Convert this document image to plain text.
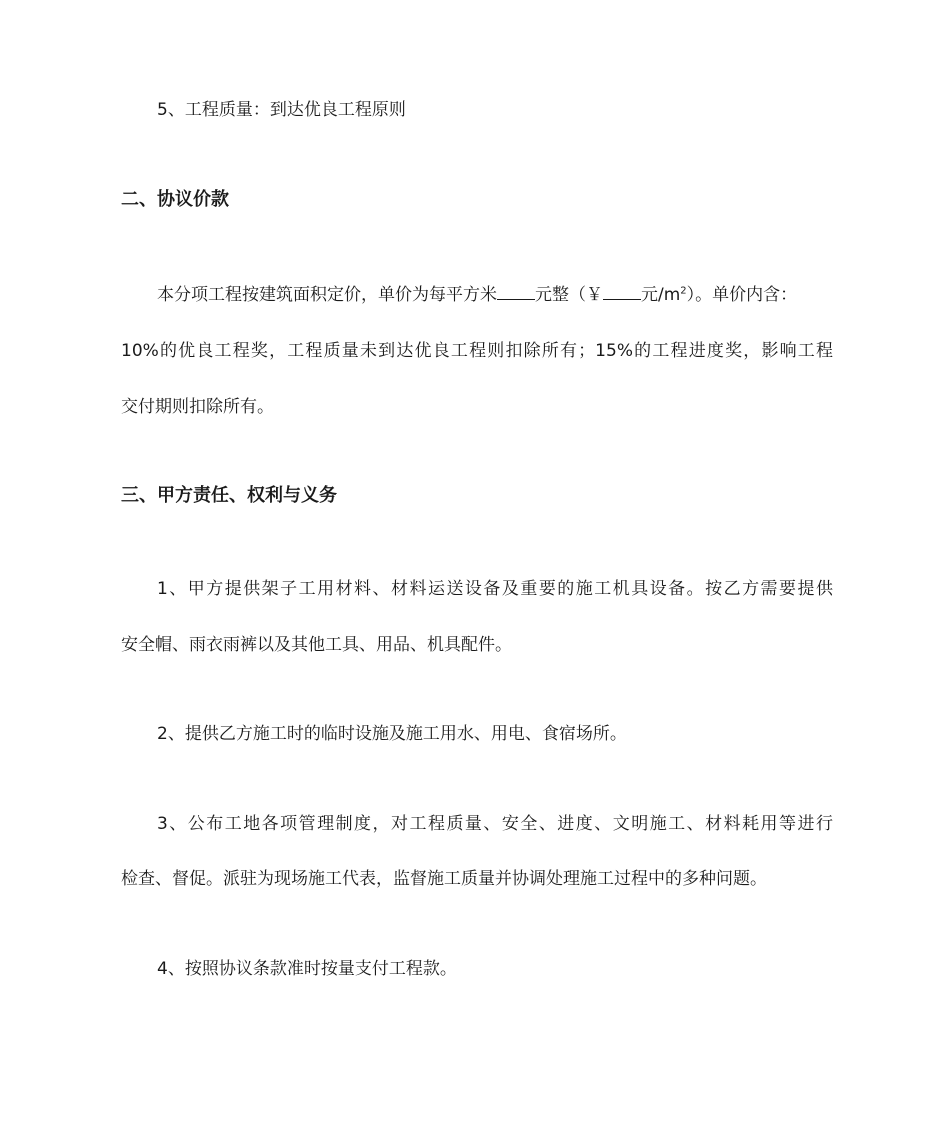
5、工程质量：到达优良工程原则
二、协议价款
本分项工程按建筑面积定价，单价为每平方米 元整（￥ 元$/m^2$）。单价内含：
10%的优良工程奖，工程质量未到达优良工程则扣除所有；15%的工程进度奖，影响工程
交付期则扣除所有。
三、甲方责任、权利与义务
1、甲方提供架子工用材料、材料运送设备及重要的施工机具设备。按乙方需要提供
安全帽、雨衣雨裤以及其他工具、用品、机具配件。
2、提供乙方施工时的临时设施及施工用水、用电、食宿场所。
3、公布工地各项管理制度，对工程质量、安全、进度、文明施工、材料耗用等进行
检查、督促。派驻为现场施工代表，监督施工质量并协调处理施工过程中的多种问题。
4、按照协议条款准时按量支付工程款。
